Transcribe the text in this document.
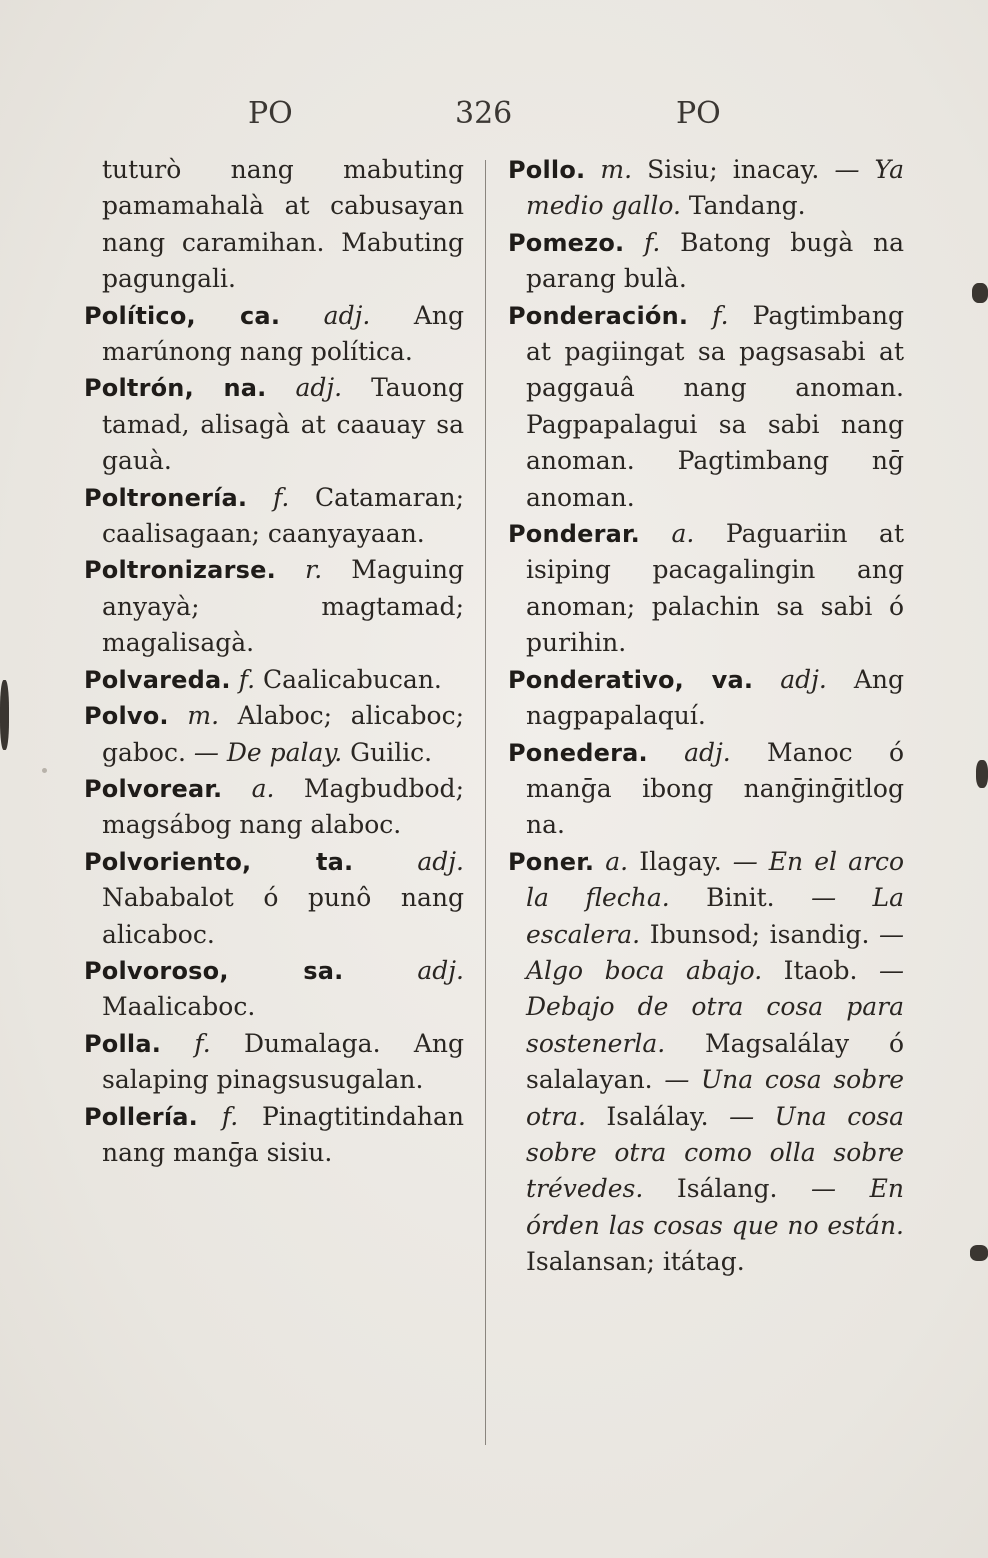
PO	326	PO

tuturò nang mabuting pamamahalà at cabusayan nang caramihan. Mabuting pagungali.

Político, ca. adj. Ang marúnong nang política.

Poltrón, na. adj. Tauong tamad, alisagà at caauay sa gauà.

Poltronería. f. Catamaran; caalisagaan; caanyayaan.

Poltronizarse. r. Maguing anyayà; magtamad; magalisagà.

Polvareda. f. Caalicabucan.

Polvo. m. Alaboc; alicaboc; gaboc. — De palay. Guilic.

Polvorear. a. Magbudbod; magsábog nang alaboc.

Polvoriento, ta.	adj. Nababalot ó punô nang alicaboc.

Polvoroso, sa.	adj. Maalicaboc.

Polla. f. Dumalaga. Ang salaping pinagsusugalan.

Pollería. f. Pinagtitindahan nang manḡa sisiu.

Pollo. m. Sisiu; inacay. — Ya medio gallo. Tandang.

Pomezo. f. Batong bugà na parang bulà.

Ponderación. f. Pagtimbang at pagiingat sa pagsasabi at paggauâ nang anoman. Pagpapalagui sa sabi nang anoman. Pagtimbang nḡ anoman.

Ponderar. a. Paguariin at isiping pacagalingin ang anoman; palachin sa sabi ó purihin.

Ponderativo, va. adj. Ang nagpapalaquí.

Ponedera. adj. Manoc ó manḡa ibong nanḡinḡitlog na.

Poner. a. Ilagay. — En el arco la flecha. Binit. — La escalera. Ibunsod; isandig. — Algo boca abajo. Itaob. — Debajo de otra cosa para sostenerla. Magsalálay ó salalayan. — Una cosa sobre otra. Isalálay. — Una cosa sobre otra como olla sobre trévedes. Isálang. — En órden las cosas que no están. Isalansan; itátag.
